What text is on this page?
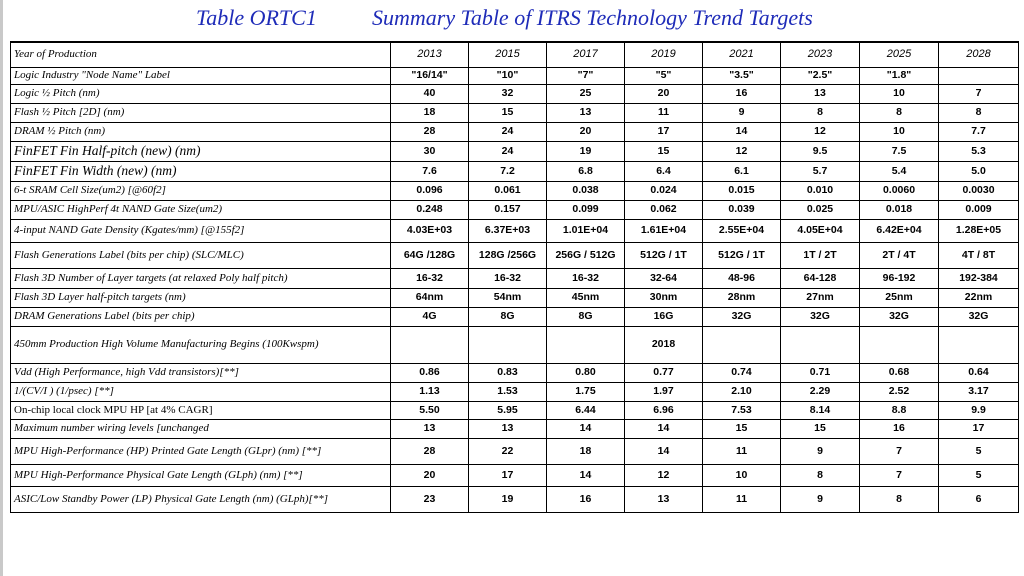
Table ORTC1	Summary Table of ITRS Technology Trend Targets
Year of Production	2013	2015	2017	2019	2021	2023	2025	2028
Logic Industry "Node Name" Label	"16/14"	"10"	"7"	"5"	"3.5"	"2.5"	"1.8"	
Logic ½ Pitch (nm)	40	32	25	20	16	13	10	7
Flash ½ Pitch [2D] (nm)	18	15	13	11	9	8	8	8
DRAM ½ Pitch (nm)	28	24	20	17	14	12	10	7.7
FinFET Fin Half-pitch (new) (nm)	30	24	19	15	12	9.5	7.5	5.3
FinFET Fin Width (new) (nm)	7.6	7.2	6.8	6.4	6.1	5.7	5.4	5.0
6-t SRAM Cell Size(um2) [@60f2]	0.096	0.061	0.038	0.024	0.015	0.010	0.0060	0.0030
MPU/ASIC HighPerf 4t NAND Gate Size(um2)	0.248	0.157	0.099	0.062	0.039	0.025	0.018	0.009
4-input NAND Gate Density (Kgates/mm) [@155f2]	4.03E+03	6.37E+03	1.01E+04	1.61E+04	2.55E+04	4.05E+04	6.42E+04	1.28E+05
Flash Generations Label (bits per chip) (SLC/MLC)	64G /128G	128G /256G	256G / 512G	512G / 1T	512G / 1T	1T / 2T	2T / 4T	4T / 8T
Flash 3D Number of Layer targets (at relaxed Poly half pitch)	16-32	16-32	16-32	32-64	48-96	64-128	96-192	192-384
Flash 3D Layer half-pitch targets (nm)	64nm	54nm	45nm	30nm	28nm	27nm	25nm	22nm
DRAM Generations Label (bits per chip)	4G	8G	8G	16G	32G	32G	32G	32G
450mm Production High Volume Manufacturing Begins (100Kwspm)				2018				
Vdd (High Performance, high Vdd transistors)[**]	0.86	0.83	0.80	0.77	0.74	0.71	0.68	0.64
1/(CV/I ) (1/psec) [**]	1.13	1.53	1.75	1.97	2.10	2.29	2.52	3.17
On-chip local clock MPU HP [at 4% CAGR]	5.50	5.95	6.44	6.96	7.53	8.14	8.8	9.9
Maximum number wiring levels [unchanged	13	13	14	14	15	15	16	17
MPU High-Performance (HP) Printed Gate Length (GLpr) (nm) [**]	28	22	18	14	11	9	7	5
MPU High-Performance Physical Gate Length (GLph) (nm) [**]	20	17	14	12	10	8	7	5
ASIC/Low Standby Power (LP) Physical Gate Length (nm) (GLph)[**]	23	19	16	13	11	9	8	6
